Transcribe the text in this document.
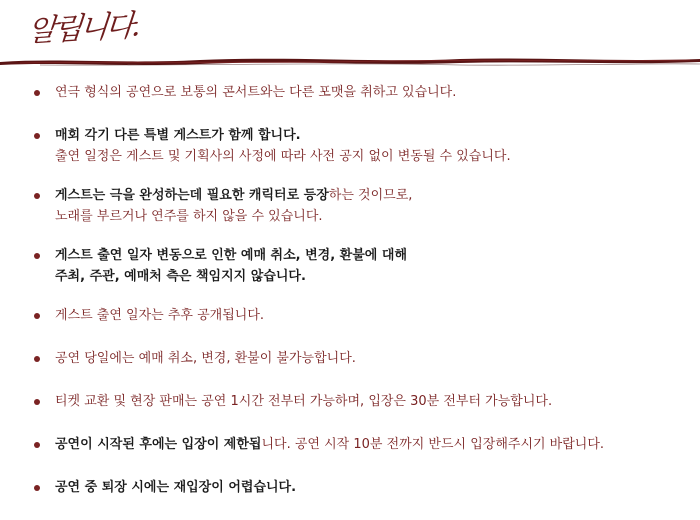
알립니다.
연극 형식의 공연으로 보통의 콘서트와는 다른 포맷을 취하고 있습니다.
매회 각기 다른 특별 게스트가 함께 합니다.
출연 일정은 게스트 및 기획사의 사정에 따라 사전 공지 없이 변동될 수 있습니다.
게스트는 극을 완성하는데 필요한 캐릭터로 등장하는 것이므로,
노래를 부르거나 연주를 하지 않을 수 있습니다.
게스트 출연 일자 변동으로 인한 예매 취소, 변경, 환불에 대해
주최, 주관, 예매처 측은 책임지지 않습니다.
게스트 출연 일자는 추후 공개됩니다.
공연 당일에는 예매 취소, 변경, 환불이 불가능합니다.
티켓 교환 및 현장 판매는 공연 1시간 전부터 가능하며, 입장은 30분 전부터 가능합니다.
공연이 시작된 후에는 입장이 제한됩니다. 공연 시작 10분 전까지 반드시 입장해주시기 바랍니다.
공연 중 퇴장 시에는 재입장이 어렵습니다.
